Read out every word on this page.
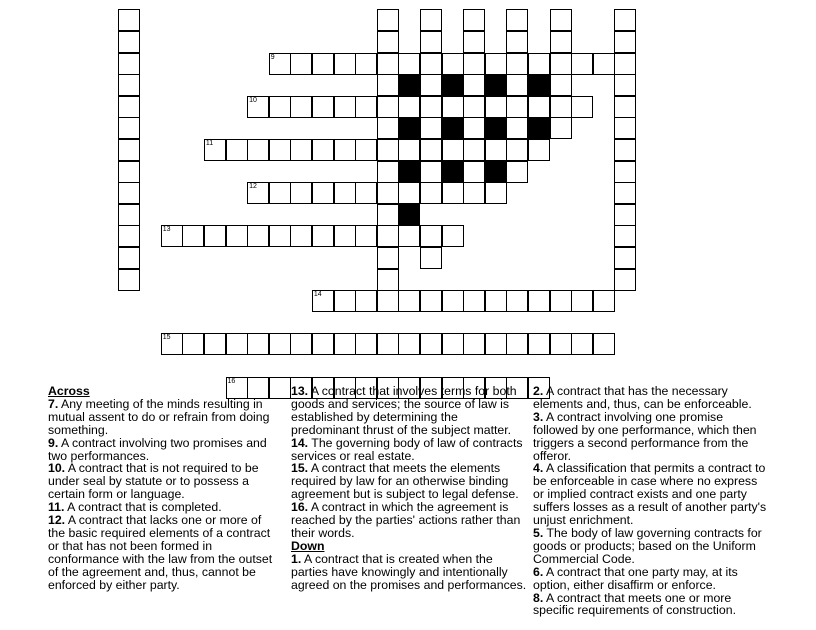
9
10
11
12
13
14
15
16

Across

7. Any meeting of the minds resulting in mutual assent to do or refrain from doing something.

9. A contract involving two promises and two performances.

10. A contract that is not required to be under seal by statute or to possess a certain form or language.

11. A contract that is completed.

12. A contract that lacks one or more of the basic required elements of a contract or that has not been formed in conformance with the law from the outset of the agreement and, thus, cannot be enforced by either party.

13. A contract that involves terms for both goods and services; the source of law is established by determining the predominant thrust of the subject matter.

14. The governing body of law of contracts services or real estate.

15. A contract that meets the elements required by law for an otherwise binding agreement but is subject to legal defense.

16. A contract in which the agreement is reached by the parties' actions rather than their words.

Down

1. A contract that is created when the parties have knowingly and intentionally agreed on the promises and performances.

2. A contract that has the necessary elements and, thus, can be enforceable.

3. A contract involving one promise followed by one performance, which then triggers a second performance from the offeror.

4. A classification that permits a contract to be enforceable in case where no express or implied contract exists and one party suffers losses as a result of another party's unjust enrichment.

5. The body of law governing contracts for goods or products; based on the Uniform Commercial Code.

6. A contract that one party may, at its option, either disaffirm or enforce.

8. A contract that meets one or more specific requirements of construction.
